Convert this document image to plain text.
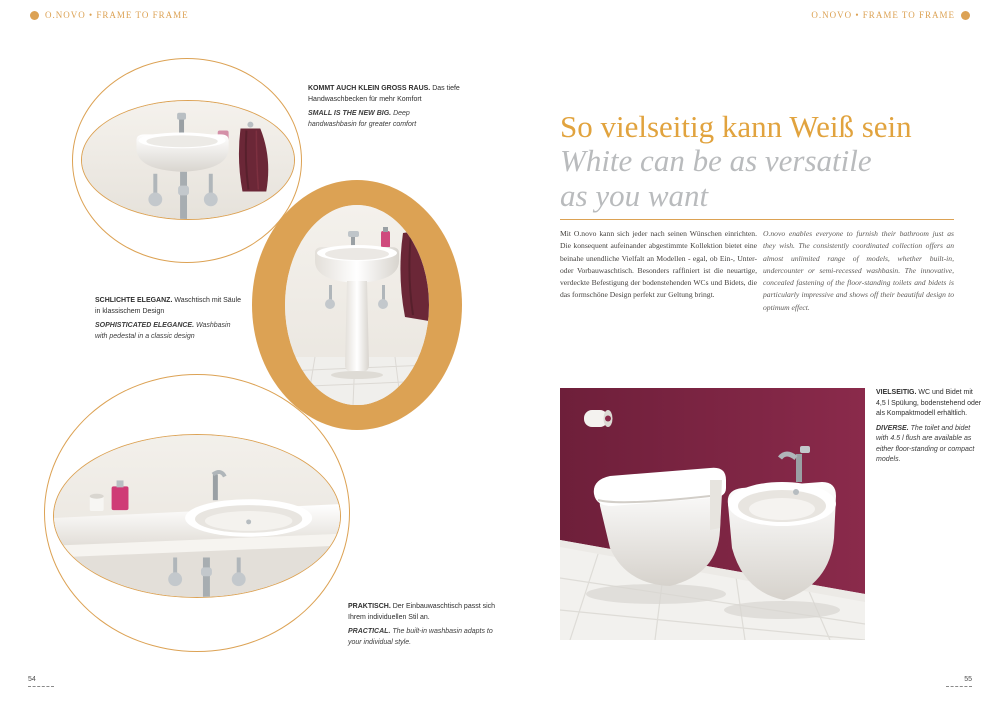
O.NOVO • FRAME TO FRAME	O.NOVO • FRAME TO FRAME

KOMMT AUCH KLEIN GROSS RAUS. Das tiefe Handwaschbecken für mehr Komfort

SMALL IS THE NEW BIG. Deep handwashbasin for greater comfort

SCHLICHTE ELEGANZ. Waschtisch mit Säule in klassischem Design

SOPHISTICATED ELEGANCE. Washbasin with pedestal in a classic design

PRAKTISCH. Der Einbauwaschtisch passt sich Ihrem individuellen Stil an.

PRACTICAL. The built-in washbasin adapts to your individual style.

VIELSEITIG. WC und Bidet mit 4,5 l Spülung, bodenstehend oder als Kompaktmodell erhältlich.

DIVERSE. The toilet and bidet with 4.5 l flush are available as either floor-standing or compact models.

So vielseitig kann Weiß sein
White can be as versatile
as you want

Mit O.novo kann sich jeder nach seinen Wünschen einrichten. Die konsequent aufeinander abgestimmte Kollektion bietet eine beinahe unendliche Vielfalt an Modellen - egal, ob Ein-, Unter- oder Vorbauwaschtisch. Besonders raffiniert ist die neuartige, verdeckte Befestigung der bodenstehenden WCs und Bidets, die das formschöne Design perfekt zur Geltung bringt.

O.novo enables everyone to furnish their bathroom just as they wish. The consistently coordinated collection offers an almost unlimited range of models, whether built-in, undercounter or semi-recessed washbasin. The innovative, concealed fastening of the floor-standing toilets and bidets is particularly impressive and shows off their beautiful design to optimum effect.

54	55
